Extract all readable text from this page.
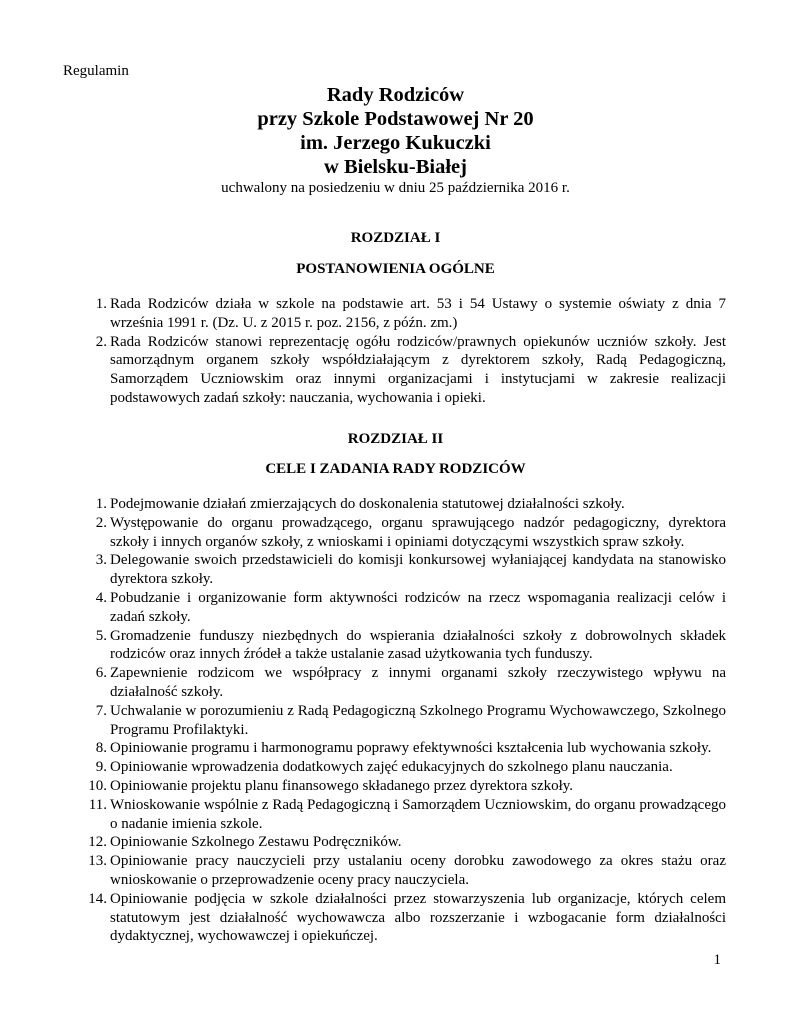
Regulamin
Rady Rodziców
przy Szkole Podstawowej Nr 20
im. Jerzego Kukuczki
w Bielsku-Białej
uchwalony na posiedzeniu w dniu 25 października 2016 r.
ROZDZIAŁ I
POSTANOWIENIA OGÓLNE
1. Rada Rodziców działa w szkole na podstawie art. 53 i 54 Ustawy o systemie oświaty z dnia 7 września 1991 r. (Dz. U. z 2015 r. poz. 2156, z późn. zm.)
2. Rada Rodziców stanowi reprezentację ogółu rodziców/prawnych opiekunów uczniów szkoły. Jest samorządnym organem szkoły współdziałającym z dyrektorem szkoły, Radą Pedagogiczną, Samorządem Uczniowskim oraz innymi organizacjami i instytucjami w zakresie realizacji podstawowych zadań szkoły: nauczania, wychowania i opieki.
ROZDZIAŁ II
CELE I ZADANIA RADY RODZICÓW
1. Podejmowanie działań zmierzających do doskonalenia statutowej działalności szkoły.
2. Występowanie do organu prowadzącego, organu sprawującego nadzór pedagogiczny, dyrektora szkoły i innych organów szkoły, z wnioskami i opiniami dotyczącymi wszystkich spraw szkoły.
3. Delegowanie swoich przedstawicieli do komisji konkursowej wyłaniającej kandydata na stanowisko dyrektora szkoły.
4. Pobudzanie i organizowanie form aktywności rodziców na rzecz wspomagania realizacji celów i zadań szkoły.
5. Gromadzenie funduszy niezbędnych do wspierania działalności szkoły z dobrowolnych składek rodziców oraz innych źródeł a także ustalanie zasad użytkowania tych funduszy.
6. Zapewnienie rodzicom we współpracy z innymi organami szkoły rzeczywistego wpływu na działalność szkoły.
7. Uchwalanie w porozumieniu z Radą Pedagogiczną Szkolnego Programu Wychowawczego, Szkolnego Programu Profilaktyki.
8. Opiniowanie programu i harmonogramu poprawy efektywności kształcenia lub wychowania szkoły.
9. Opiniowanie wprowadzenia dodatkowych zajęć edukacyjnych do szkolnego planu nauczania.
10. Opiniowanie projektu planu finansowego składanego przez dyrektora szkoły.
11. Wnioskowanie wspólnie z Radą Pedagogiczną i Samorządem Uczniowskim, do organu prowadzącego o nadanie imienia szkole.
12. Opiniowanie Szkolnego Zestawu Podręczników.
13. Opiniowanie pracy nauczycieli przy ustalaniu oceny dorobku zawodowego za okres stażu oraz wnioskowanie o przeprowadzenie oceny pracy nauczyciela.
14. Opiniowanie podjęcia w szkole działalności przez stowarzyszenia lub organizacje, których celem statutowym jest działalność wychowawcza albo rozszerzanie i wzbogacanie form działalności dydaktycznej, wychowawczej i opiekuńczej.
1
